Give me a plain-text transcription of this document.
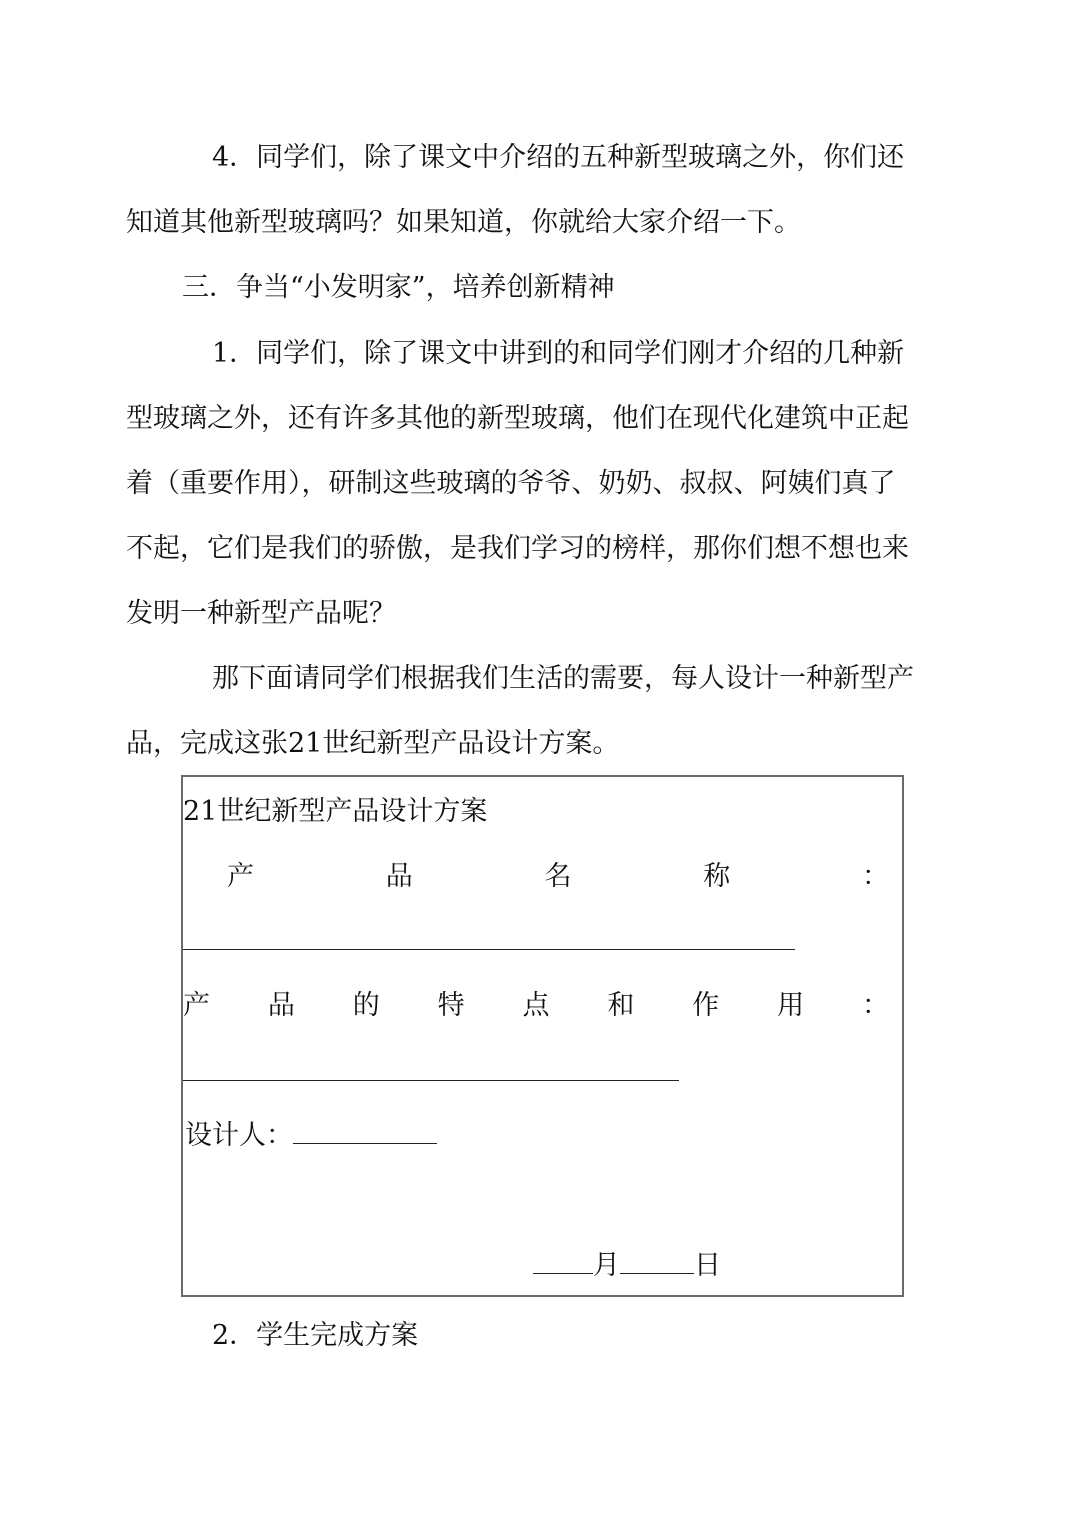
4．同学们，除了课文中介绍的五种新型玻璃之外，你们还
知道其他新型玻璃吗？如果知道，你就给大家介绍一下。
三．争当“小发明家”，培养创新精神
1．同学们，除了课文中讲到的和同学们刚才介绍的几种新
型玻璃之外，还有许多其他的新型玻璃，他们在现代化建筑中正起
着（重要作用），研制这些玻璃的爷爷、奶奶、叔叔、阿姨们真了
不起，它们是我们的骄傲，是我们学习的榜样，那你们想不想也来
发明一种新型产品呢？
那下面请同学们根据我们生活的需要，每人设计一种新型产
品，完成这张21世纪新型产品设计方案。
21世纪新型产品设计方案
产	品	名	称	：
产 品 的 特 点 和 作 用 ：
设计人：
月	日
2．学生完成方案
